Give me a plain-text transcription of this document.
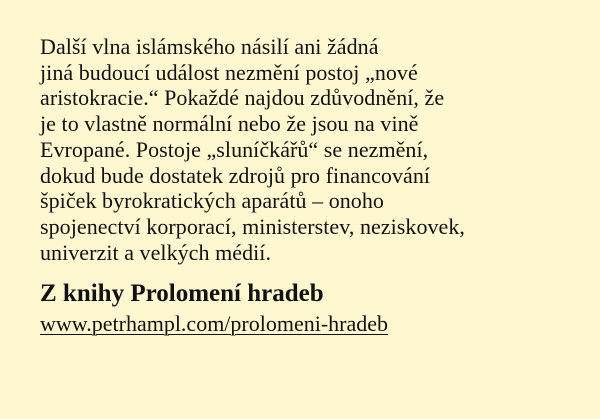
Další vlna islámského násilí ani žádná
jiná budoucí událost nezmění postoj „nové
aristokracie.“ Pokaždé najdou zdůvodnění, že
je to vlastně normální nebo že jsou na vině
Evropané. Postoje „sluníčkářů“ se nezmění,
dokud bude dostatek zdrojů pro financování
špiček byrokratických aparátů – onoho
spojenectví korporací, ministerstev, neziskovek,
univerzit a velkých médií.

Z knihy Prolomení hradeb
www.petrhampl.com/prolomeni-hradeb
